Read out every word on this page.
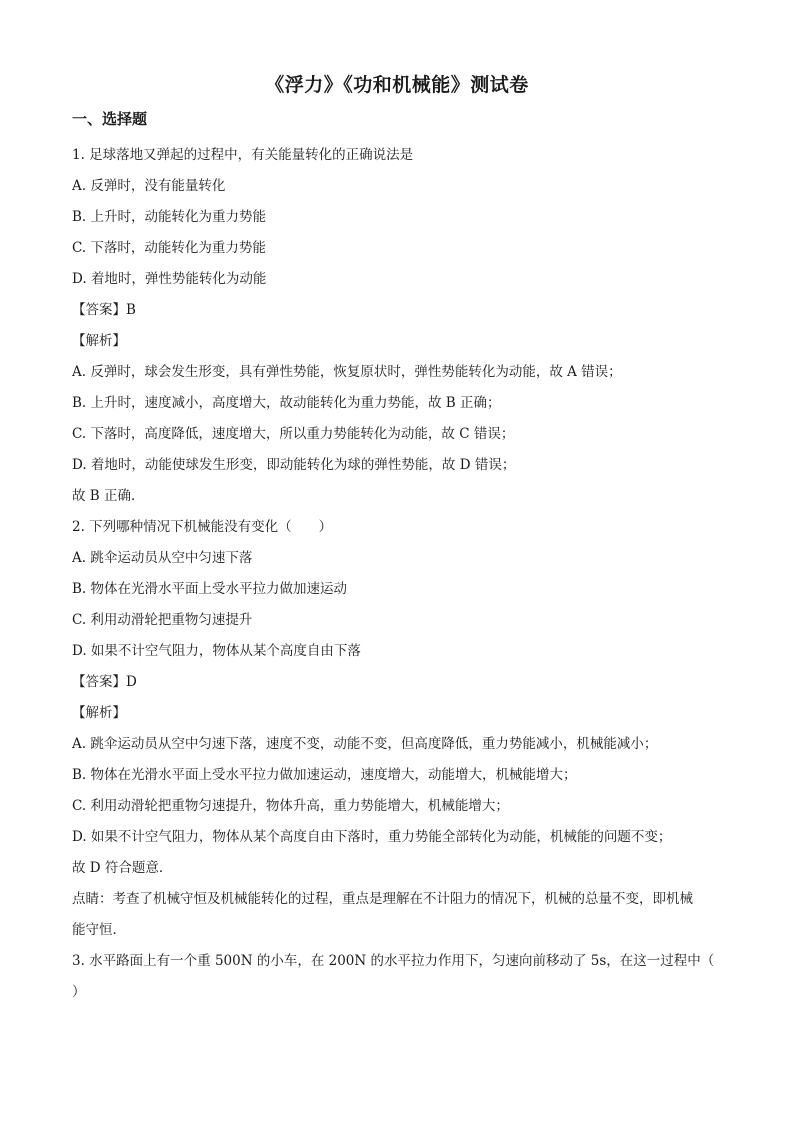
《浮力》《功和机械能》测试卷
一、选择题
1. 足球落地又弹起的过程中，有关能量转化的正确说法是
A. 反弹时，没有能量转化
B. 上升时，动能转化为重力势能
C. 下落时，动能转化为重力势能
D. 着地时，弹性势能转化为动能
【答案】B
【解析】
A. 反弹时，球会发生形变，具有弹性势能，恢复原状时，弹性势能转化为动能，故 A 错误；
B. 上升时，速度减小，高度增大，故动能转化为重力势能，故 B 正确；
C. 下落时，高度降低，速度增大，所以重力势能转化为动能，故 C 错误；
D. 着地时，动能使球发生形变，即动能转化为球的弹性势能，故 D 错误；
故 B 正确．
2. 下列哪种情况下机械能没有变化（　　）
A. 跳伞运动员从空中匀速下落
B. 物体在光滑水平面上受水平拉力做加速运动
C. 利用动滑轮把重物匀速提升
D. 如果不计空气阻力，物体从某个高度自由下落
【答案】D
【解析】
A. 跳伞运动员从空中匀速下落，速度不变，动能不变，但高度降低，重力势能减小，机械能减小；
B. 物体在光滑水平面上受水平拉力做加速运动，速度增大，动能增大，机械能增大；
C. 利用动滑轮把重物匀速提升，物体升高，重力势能增大，机械能增大；
D. 如果不计空气阻力，物体从某个高度自由下落时，重力势能全部转化为动能，机械能的问题不变；
故 D 符合题意．
点睛：考查了机械守恒及机械能转化的过程，重点是理解在不计阻力的情况下，机械的总量不变，即机械
能守恒．
3. 水平路面上有一个重 500N 的小车，在 200N 的水平拉力作用下，匀速向前移动了 5s，在这一过程中（
）
